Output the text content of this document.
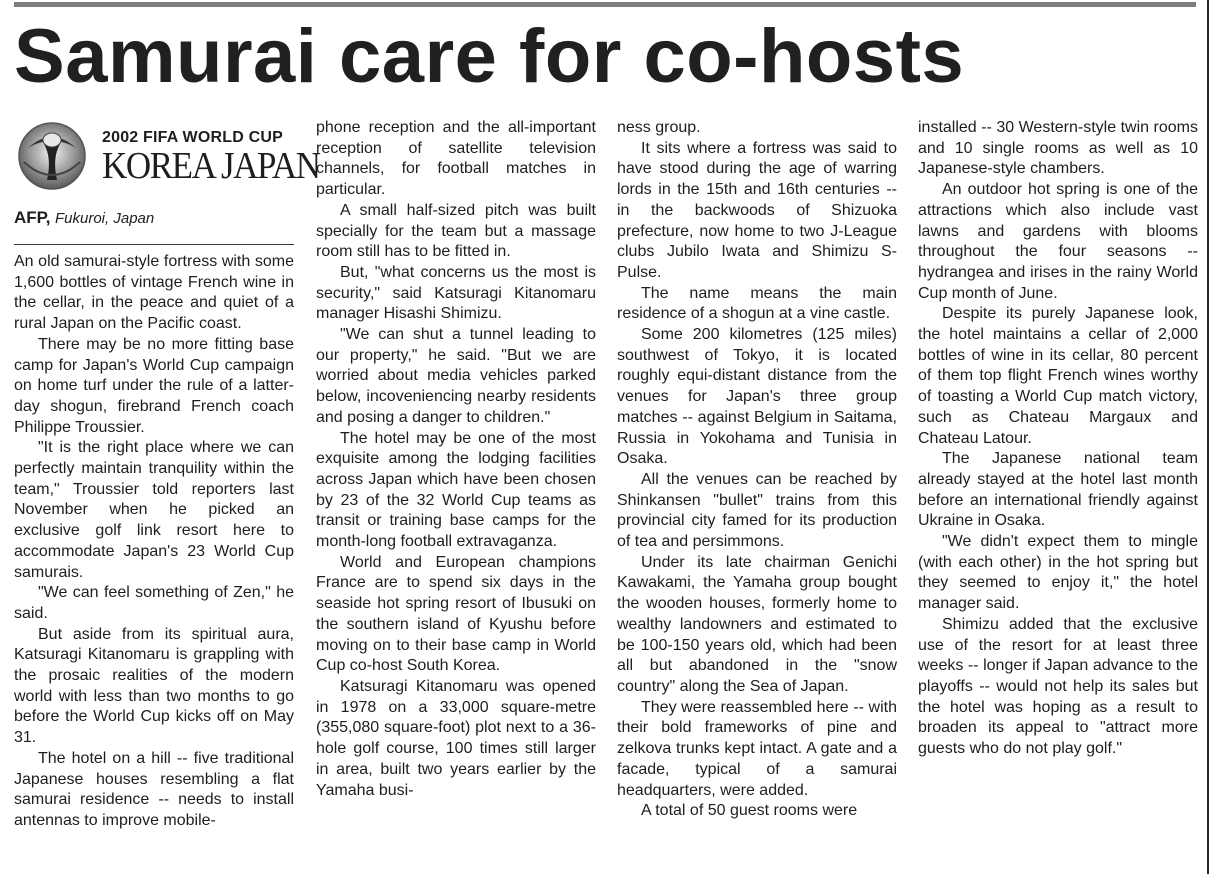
Samurai care for co-hosts
2002 FIFA WORLD CUP
KOREA JAPAN
AFP, Fukuroi, Japan

An old samurai-style fortress with some 1,600 bottles of vintage French wine in the cellar, in the peace and quiet of a rural Japan on the Pacific coast.

There may be no more fitting base camp for Japan's World Cup campaign on home turf under the rule of a latter-day shogun, firebrand French coach Philippe Troussier.

"It is the right place where we can perfectly maintain tranquility within the team," Troussier told reporters last November when he picked an exclusive golf link resort here to accommodate Japan's 23 World Cup samurais.

"We can feel something of Zen," he said.

But aside from its spiritual aura, Katsuragi Kitanomaru is grappling with the prosaic realities of the modern world with less than two months to go before the World Cup kicks off on May 31.

The hotel on a hill -- five traditional Japanese houses resembling a flat samurai residence -- needs to install antennas to improve mobile-

phone reception and the all-important reception of satellite television channels, for football matches in particular.

A small half-sized pitch was built specially for the team but a massage room still has to be fitted in.

But, "what concerns us the most is security," said Katsuragi Kitanomaru manager Hisashi Shimizu.

"We can shut a tunnel leading to our property," he said. "But we are worried about media vehicles parked below, incoveniencing nearby residents and posing a danger to children."

The hotel may be one of the most exquisite among the lodging facilities across Japan which have been chosen by 23 of the 32 World Cup teams as transit or training base camps for the month-long football extravaganza.

World and European champions France are to spend six days in the seaside hot spring resort of Ibusuki on the southern island of Kyushu before moving on to their base camp in World Cup co-host South Korea.

Katsuragi Kitanomaru was opened in 1978 on a 33,000 square-metre (355,080 square-foot) plot next to a 36-hole golf course, 100 times still larger in area, built two years earlier by the Yamaha busi-

ness group.

It sits where a fortress was said to have stood during the age of warring lords in the 15th and 16th centuries -- in the backwoods of Shizuoka prefecture, now home to two J-League clubs Jubilo Iwata and Shimizu S-Pulse.

The name means the main residence of a shogun at a vine castle.

Some 200 kilometres (125 miles) southwest of Tokyo, it is located roughly equi-distant distance from the venues for Japan's three group matches -- against Belgium in Saitama, Russia in Yokohama and Tunisia in Osaka.

All the venues can be reached by Shinkansen "bullet" trains from this provincial city famed for its production of tea and persimmons.

Under its late chairman Genichi Kawakami, the Yamaha group bought the wooden houses, formerly home to wealthy landowners and estimated to be 100-150 years old, which had been all but abandoned in the "snow country" along the Sea of Japan.

They were reassembled here -- with their bold frameworks of pine and zelkova trunks kept intact. A gate and a facade, typical of a samurai headquarters, were added.

A total of 50 guest rooms were

installed -- 30 Western-style twin rooms and 10 single rooms as well as 10 Japanese-style chambers.

An outdoor hot spring is one of the attractions which also include vast lawns and gardens with blooms throughout the four seasons -- hydrangea and irises in the rainy World Cup month of June.

Despite its purely Japanese look, the hotel maintains a cellar of 2,000 bottles of wine in its cellar, 80 percent of them top flight French wines worthy of toasting a World Cup match victory, such as Chateau Margaux and Chateau Latour.

The Japanese national team already stayed at the hotel last month before an international friendly against Ukraine in Osaka.

"We didn't expect them to mingle (with each other) in the hot spring but they seemed to enjoy it," the hotel manager said.

Shimizu added that the exclusive use of the resort for at least three weeks -- longer if Japan advance to the playoffs -- would not help its sales but the hotel was hoping as a result to broaden its appeal to "attract more guests who do not play golf."
